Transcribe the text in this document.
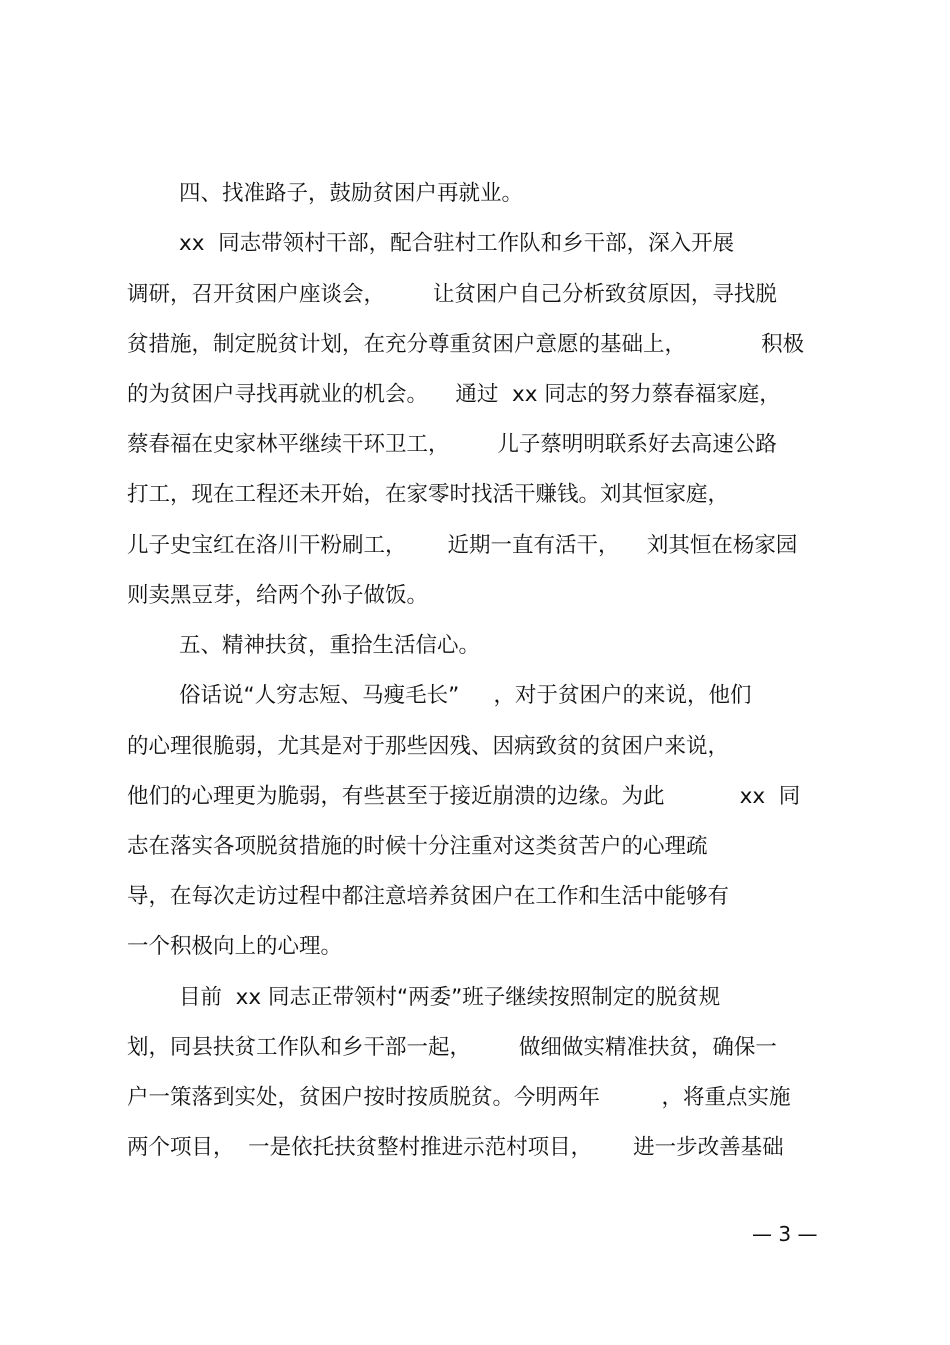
四、找准路子，鼓励贫困户再就业。
xx  同志带领村干部，配合驻村工作队和乡干部，深入开展
调研，召开贫困户座谈会，       让贫困户自己分析致贫原因，寻找脱
贫措施，制定脱贫计划，在充分尊重贫困户意愿的基础上，           积极
的为贫困户寻找再就业的机会。    通过  xx 同志的努力蔡春福家庭，
蔡春福在史家林平继续干环卫工，       儿子蔡明明联系好去高速公路
打工，现在工程还未开始，在家零时找活干赚钱。刘其恒家庭，
儿子史宝红在洛川干粉刷工，      近期一直有活干，    刘其恒在杨家园
则卖黑豆芽，给两个孙子做饭。
五、精神扶贫，重拾生活信心。
俗话说“人穷志短、马瘦毛长”     ，对于贫困户的来说，他们
的心理很脆弱，尤其是对于那些因残、因病致贫的贫困户来说，
他们的心理更为脆弱，有些甚至于接近崩溃的边缘。为此           xx  同
志在落实各项脱贫措施的时候十分注重对这类贫苦户的心理疏
导，在每次走访过程中都注意培养贫困户在工作和生活中能够有
一个积极向上的心理。
目前  xx 同志正带领村“两委”班子继续按照制定的脱贫规
划，同县扶贫工作队和乡干部一起，       做细做实精准扶贫，确保一
户一策落到实处，贫困户按时按质脱贫。今明两年         ，将重点实施
两个项目，  一是依托扶贫整村推进示范村项目，      进一步改善基础
— 3 —
